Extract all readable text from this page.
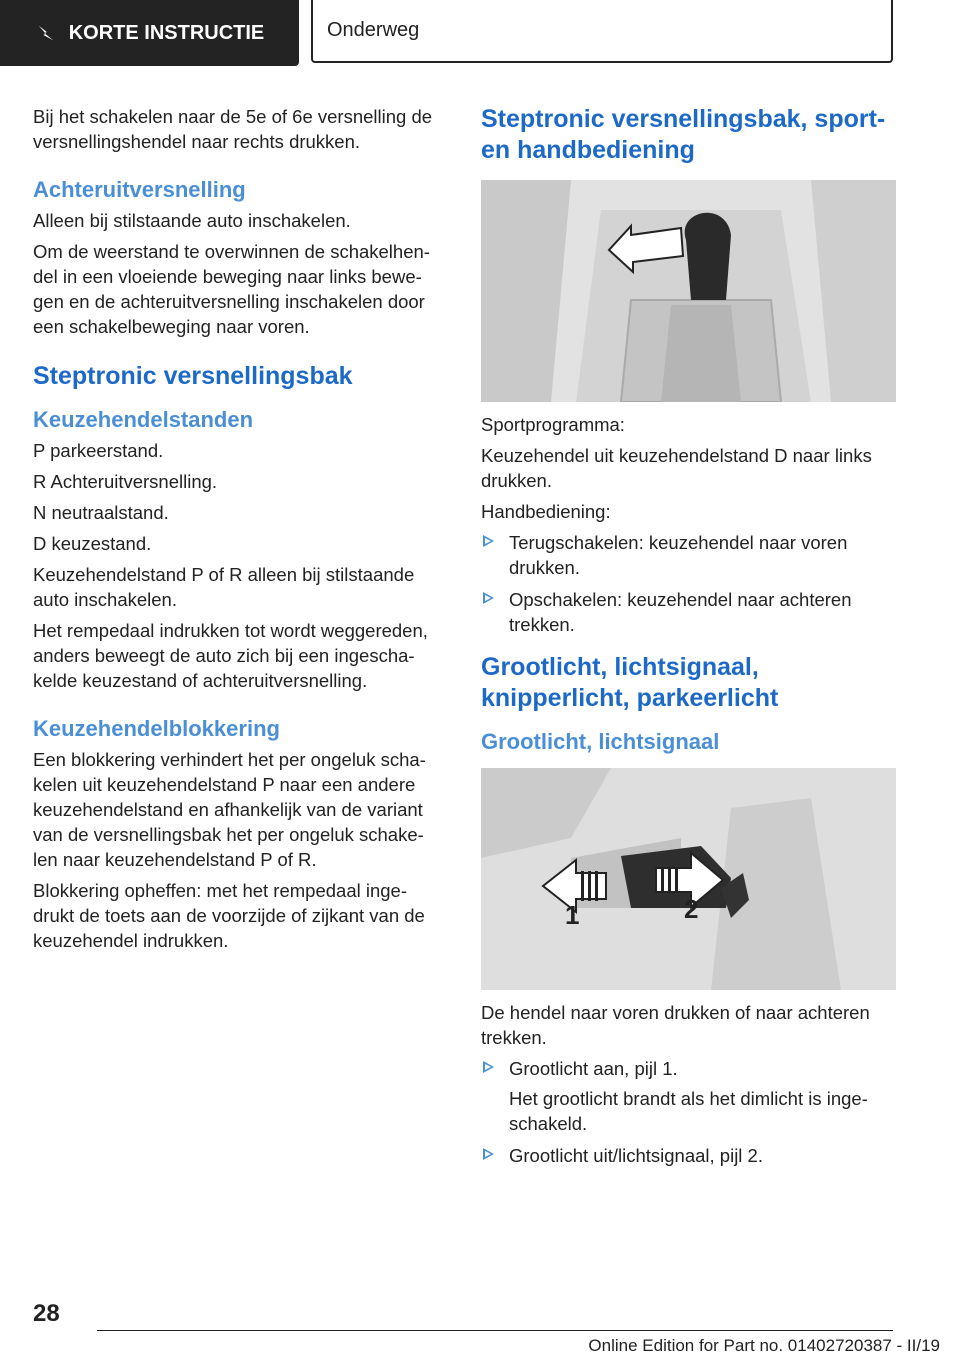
KORTE INSTRUCTIE	Onderweg

Bij het schakelen naar de 5e of 6e versnelling de versnellingshendel naar rechts drukken.

Achteruitversnelling

Alleen bij stilstaande auto inschakelen.

Om de weerstand te overwinnen de schakelhen-del in een vloeiende beweging naar links bewe-gen en de achteruitversnelling inschakelen door een schakelbeweging naar voren.

Steptronic versnellingsbak
Keuzehendelstanden

P parkeerstand.

R Achteruitversnelling.

N neutraalstand.

D keuzestand.

Keuzehendelstand P of R alleen bij stilstaande auto inschakelen.

Het rempedaal indrukken tot wordt weggereden, anders beweegt de auto zich bij een ingescha-kelde keuzestand of achteruitversnelling.

Keuzehendelblokkering

Een blokkering verhindert het per ongeluk scha-kelen uit keuzehendelstand P naar een andere keuzehendelstand en afhankelijk van de variant van de versnellingsbak het per ongeluk schake-len naar keuzehendelstand P of R.

Blokkering opheffen: met het rempedaal inge-drukt de toets aan de voorzijde of zijkant van de keuzehendel indrukken.

Steptronic versnellingsbak, sport- en handbediening

Sportprogramma:

Keuzehendel uit keuzehendelstand D naar links drukken.

Handbediening:

Terugschakelen: keuzehendel naar voren drukken.
Opschakelen: keuzehendel naar achteren trekken.
Grootlicht, lichtsignaal, knipperlicht, parkeerlicht
Grootlicht, lichtsignaal

De hendel naar voren drukken of naar achteren trekken.

Grootlicht aan, pijl 1.

Het grootlicht brandt als het dimlicht is inge-schakeld.

Grootlicht uit/lichtsignaal, pijl 2.
1	2
28
Online Edition for Part no. 01402720387 - II/19
